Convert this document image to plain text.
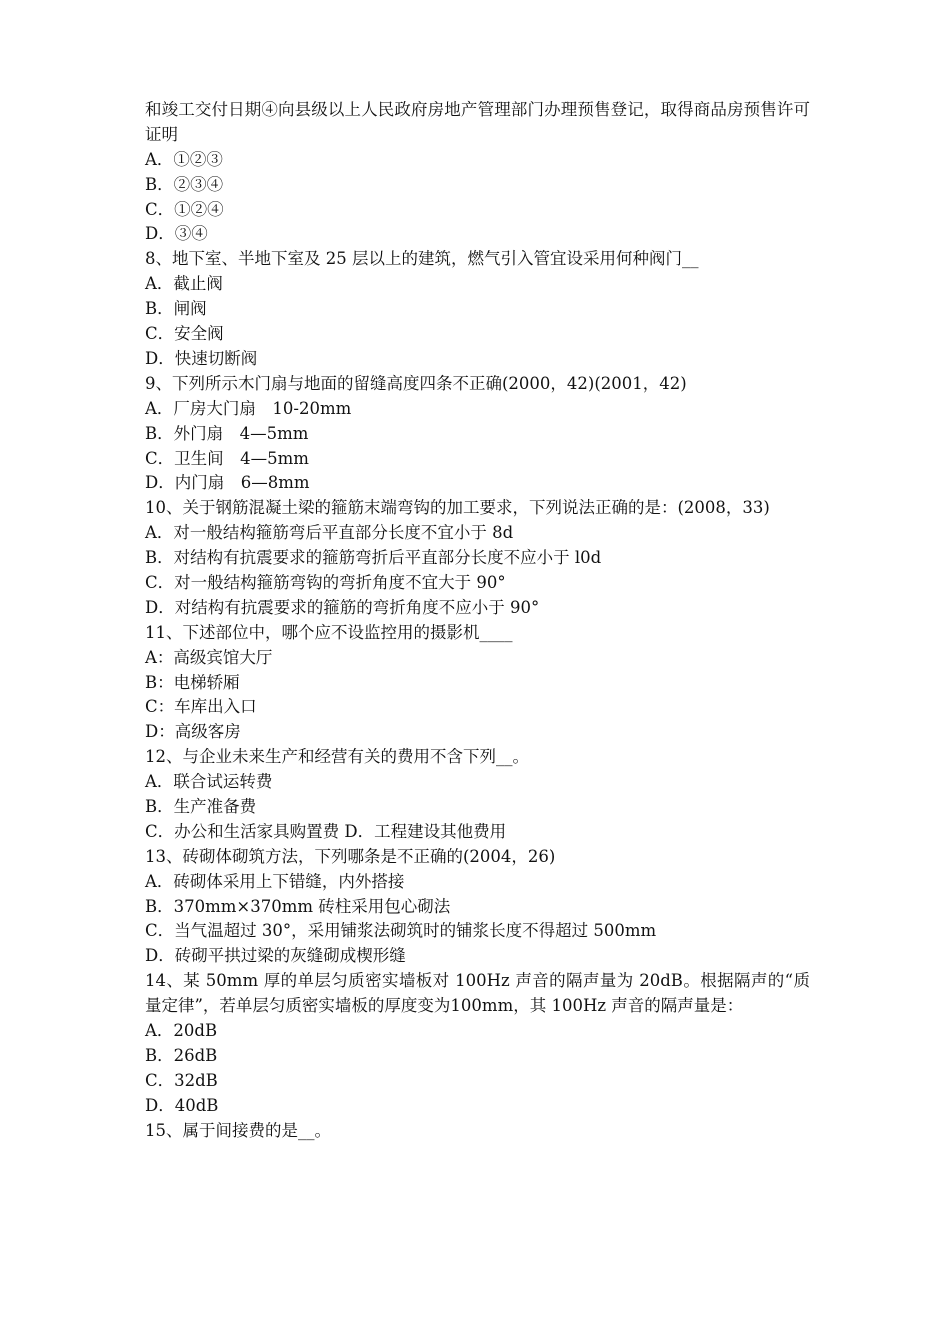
和竣工交付日期④向县级以上人民政府房地产管理部门办理预售登记，取得商品房预售许可证明
A．①②③
B．②③④
C．①②④
D．③④
8、地下室、半地下室及 25 层以上的建筑，燃气引入管宜设采用何种阀门__
A．截止阀
B．闸阀
C．安全阀
D．快速切断阀
9、下列所示木门扇与地面的留缝高度四条不正确(2000，42)(2001，42)
A．厂房大门扇　10-20mm
B．外门扇　4—5mm
C．卫生间　4—5mm
D．内门扇　6—8mm
10、关于钢筋混凝土梁的箍筋末端弯钩的加工要求，下列说法正确的是：(2008，33)
A．对一般结构箍筋弯后平直部分长度不宜小于 8d
B．对结构有抗震要求的箍筋弯折后平直部分长度不应小于 l0d
C．对一般结构箍筋弯钩的弯折角度不宜大于 90°
D．对结构有抗震要求的箍筋的弯折角度不应小于 90°
11、下述部位中，哪个应不设监控用的摄影机____
A：高级宾馆大厅
B：电梯轿厢
C：车库出入口
D：高级客房
12、与企业未来生产和经营有关的费用不含下列__。
A．联合试运转费
B．生产准备费
C．办公和生活家具购置费 D．工程建设其他费用
13、砖砌体砌筑方法，下列哪条是不正确的(2004，26)
A．砖砌体采用上下错缝，内外搭接
B．370mm×370mm 砖柱采用包心砌法
C．当气温超过 30°，采用铺浆法砌筑时的铺浆长度不得超过 500mm
D．砖砌平拱过梁的灰缝砌成楔形缝
14、某 50mm 厚的单层匀质密实墙板对 100Hz 声音的隔声量为 20dB。根据隔声的“质量定律”，若单层匀质密实墙板的厚度变为100mm，其 100Hz 声音的隔声量是：
A．20dB
B．26dB
C．32dB
D．40dB
15、属于间接费的是__。
